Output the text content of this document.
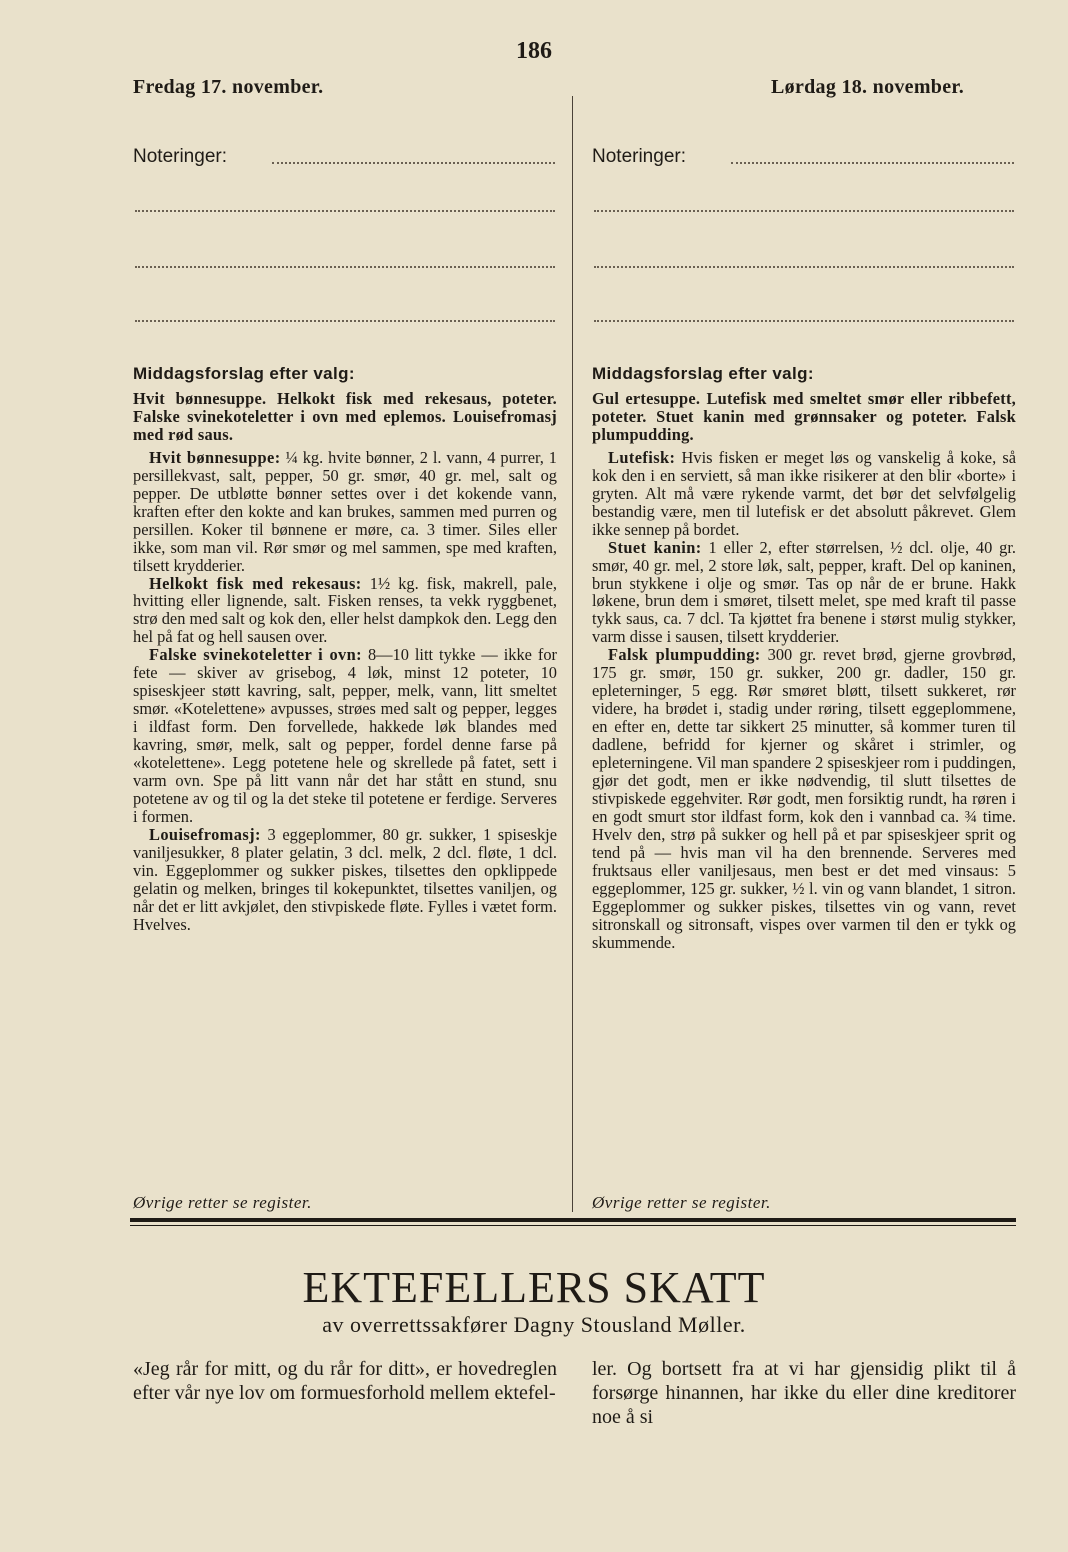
186
Fredag 17. november.
Noteringer:
Middagsforslag efter valg:

Hvit bønnesuppe. Helkokt fisk med rekesaus, poteter. Falske svinekoteletter i ovn med eplemos. Louisefromasj med rød saus.

Hvit bønnesuppe: ¼ kg. hvite bønner, 2 l. vann, 4 purrer, 1 persillekvast, salt, pepper, 50 gr. smør, 40 gr. mel, salt og pepper. De utbløtte bønner settes over i det kokende vann, kraften efter den kokte and kan brukes, sammen med purren og persillen. Koker til bønnene er møre, ca. 3 timer. Siles eller ikke, som man vil. Rør smør og mel sammen, spe med kraften, tilsett krydderier.

Helkokt fisk med rekesaus: 1½ kg. fisk, makrell, pale, hvitting eller lignende, salt. Fisken renses, ta vekk ryggbenet, strø den med salt og kok den, eller helst dampkok den. Legg den hel på fat og hell sausen over.

Falske svinekoteletter i ovn: 8—10 litt tykke — ikke for fete — skiver av grisebog, 4 løk, minst 12 poteter, 10 spiseskjeer støtt kavring, salt, pepper, melk, vann, litt smeltet smør. «Kotelettene» avpusses, strøes med salt og pepper, legges i ildfast form. Den forvellede, hakkede løk blandes med kavring, smør, melk, salt og pepper, fordel denne farse på «kotelettene». Legg potetene hele og skrellede på fatet, sett i varm ovn. Spe på litt vann når det har stått en stund, snu potetene av og til og la det steke til potetene er ferdige. Serveres i formen.

Louisefromasj: 3 eggeplommer, 80 gr. sukker, 1 spiseskje vaniljesukker, 8 plater gelatin, 3 dcl. melk, 2 dcl. fløte, 1 dcl. vin. Eggeplommer og sukker piskes, tilsettes den opklippede gelatin og melken, bringes til kokepunktet, tilsettes vaniljen, og når det er litt avkjølet, den stivpiskede fløte. Fylles i vætet form. Hvelves.

Øvrige retter se register.
Lørdag 18. november.
Noteringer:
Middagsforslag efter valg:

Gul ertesuppe. Lutefisk med smeltet smør eller ribbefett, poteter. Stuet kanin med grønnsaker og poteter. Falsk plumpudding.

Lutefisk: Hvis fisken er meget løs og vanskelig å koke, så kok den i en serviett, så man ikke risikerer at den blir «borte» i gryten. Alt må være rykende varmt, det bør det selvfølgelig bestandig være, men til lutefisk er det absolutt påkrevet. Glem ikke sennep på bordet.

Stuet kanin: 1 eller 2, efter størrelsen, ½ dcl. olje, 40 gr. smør, 40 gr. mel, 2 store løk, salt, pepper, kraft. Del op kaninen, brun stykkene i olje og smør. Tas op når de er brune. Hakk løkene, brun dem i smøret, tilsett melet, spe med kraft til passe tykk saus, ca. 7 dcl. Ta kjøttet fra benene i størst mulig stykker, varm disse i sausen, tilsett krydderier.

Falsk plumpudding: 300 gr. revet brød, gjerne grovbrød, 175 gr. smør, 150 gr. sukker, 200 gr. dadler, 150 gr. epleterninger, 5 egg. Rør smøret bløtt, tilsett sukkeret, rør videre, ha brødet i, stadig under røring, tilsett eggeplommene, en efter en, dette tar sikkert 25 minutter, så kommer turen til dadlene, befridd for kjerner og skåret i strimler, og epleterningene. Vil man spandere 2 spiseskjeer rom i puddingen, gjør det godt, men er ikke nødvendig, til slutt tilsettes de stivpiskede eggehviter. Rør godt, men forsiktig rundt, ha røren i en godt smurt stor ildfast form, kok den i vannbad ca. ¾ time. Hvelv den, strø på sukker og hell på et par spiseskjeer sprit og tend på — hvis man vil ha den brennende. Serveres med fruktsaus eller vaniljesaus, men best er det med vinsaus: 5 eggeplommer, 125 gr. sukker, ½ l. vin og vann blandet, 1 sitron. Eggeplommer og sukker piskes, tilsettes vin og vann, revet sitronskall og sitronsaft, vispes over varmen til den er tykk og skummende.

Øvrige retter se register.
EKTEFELLERS SKATT
av overrettssakfører Dagny Stousland Møller.

«Jeg rår for mitt, og du rår for ditt», er hovedreglen efter vår nye lov om formuesforhold mellem ektefel-

ler. Og bortsett fra at vi har gjensidig plikt til å forsørge hinannen, har ikke du eller dine kreditorer noe å si
